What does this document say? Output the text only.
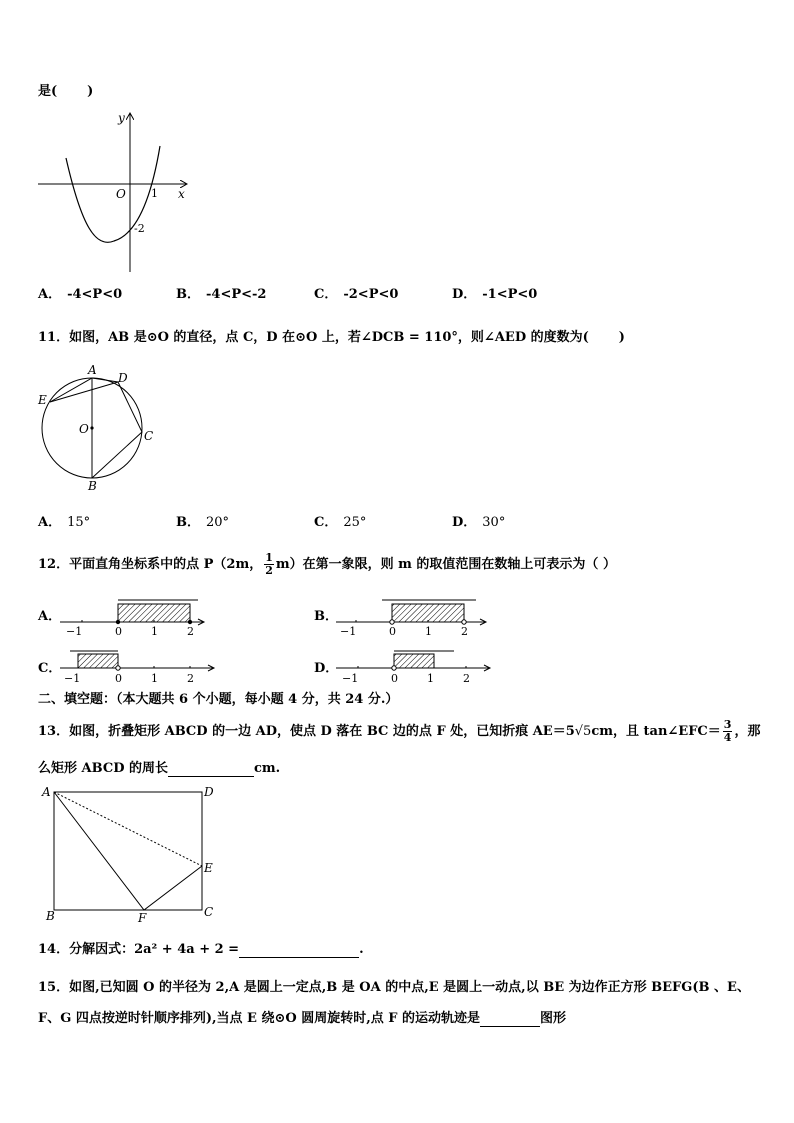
是( )
y
x
O 1
-2
A． -4<P<0	B． -4<P<-2	C． -2<P<0	D． -1<P<0
11．如图，AB 是⊙O 的直径，点 C，D 在⊙O 上，若∠DCB = 110°，则∠AED 的度数为( )
A
D
E
O	C
B
A． 15°	B． 20°	C． 25°	D． 30°
12．平面直角坐标系中的点 P（2m， $\frac{1}{2} m$）在第一象限，则 m 的取值范围在数轴上可表示为（ ）
A．
−1	0	1	2
B．
−1	0	1	2
C．
−1	0	1	2
D．
−1	0	1	2
二、填空题：（本大题共 6 个小题，每小题 4 分，共 24 分.）
13．如图，折叠矩形 ABCD 的一边 AD，使点 D 落在 BC 边的点 F 处，已知折痕 AE＝5√5cm，且 tan∠EFC＝ $\frac{3}{4}$ ，那
么矩形 ABCD 的周长	cm.
A	D
E
B	F	C
14．分解因式：2a² + 4a + 2 =	.
15．如图,已知圆 O 的半径为 2,A 是圆上一定点,B 是 OA 的中点,E 是圆上一动点,以 BE 为边作正方形 BEFG(B 、E、
F、G 四点按逆时针顺序排列),当点 E 绕⊙O 圆周旋转时,点 F 的运动轨迹是	图形
